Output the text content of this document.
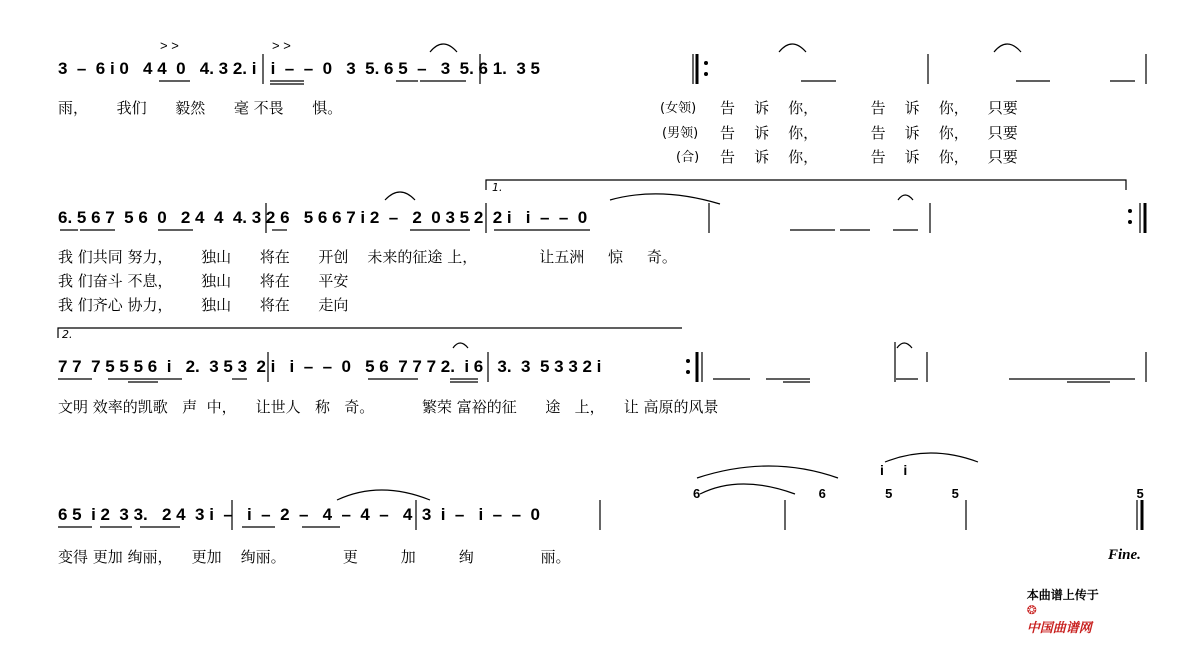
> >	> >
3  –  6 i 0   4 4  0   4. 3 2. i   i  –  –  0   3  5. 6 5  –   3  5. 6 1.  3 5
雨，      我们      毅然      毫 不畏      惧。	(女领) 告    诉    你，           告    诉    你，    只要
(男领) 告    诉    你，           告    诉    你，    只要
(合) 告    诉    你，           告    诉    你，    只要
1.
6. 5 6 7  5 6  0   2 4  4  4. 3 2 6   5 6 6 7 i 2  –   2  0 3 5 2  2 i   i  –  –  0
我 们共同 努力，      独山      将在      开创    未来的征途 上，             让五洲     惊     奇。
我 们奋斗 不息，      独山      将在      平安
我 们齐心 协力，      独山      将在      走向
2.
7 7  7 5 5 5 6  i   2.  3 5 3  2 i   i  –  –  0   5 6  7 7 7 2.  i 6   3.  3  5 3 3 2 i
文明 效率的凯歌   声  中，    让世人   称   奇。          繁荣 富裕的征      途   上，    让 高原的风景
i     i
6    6  5  5      5
6 5  i 2  3 3.   2 4  3 i  –   i  –  2  –   4  –  4  –   4  3  i  –   i  –  –  0
变得 更加 绚丽，    更加    绚丽。            更         加         绚              丽。	Fine.

本曲谱上传于
❂
中国曲谱网
